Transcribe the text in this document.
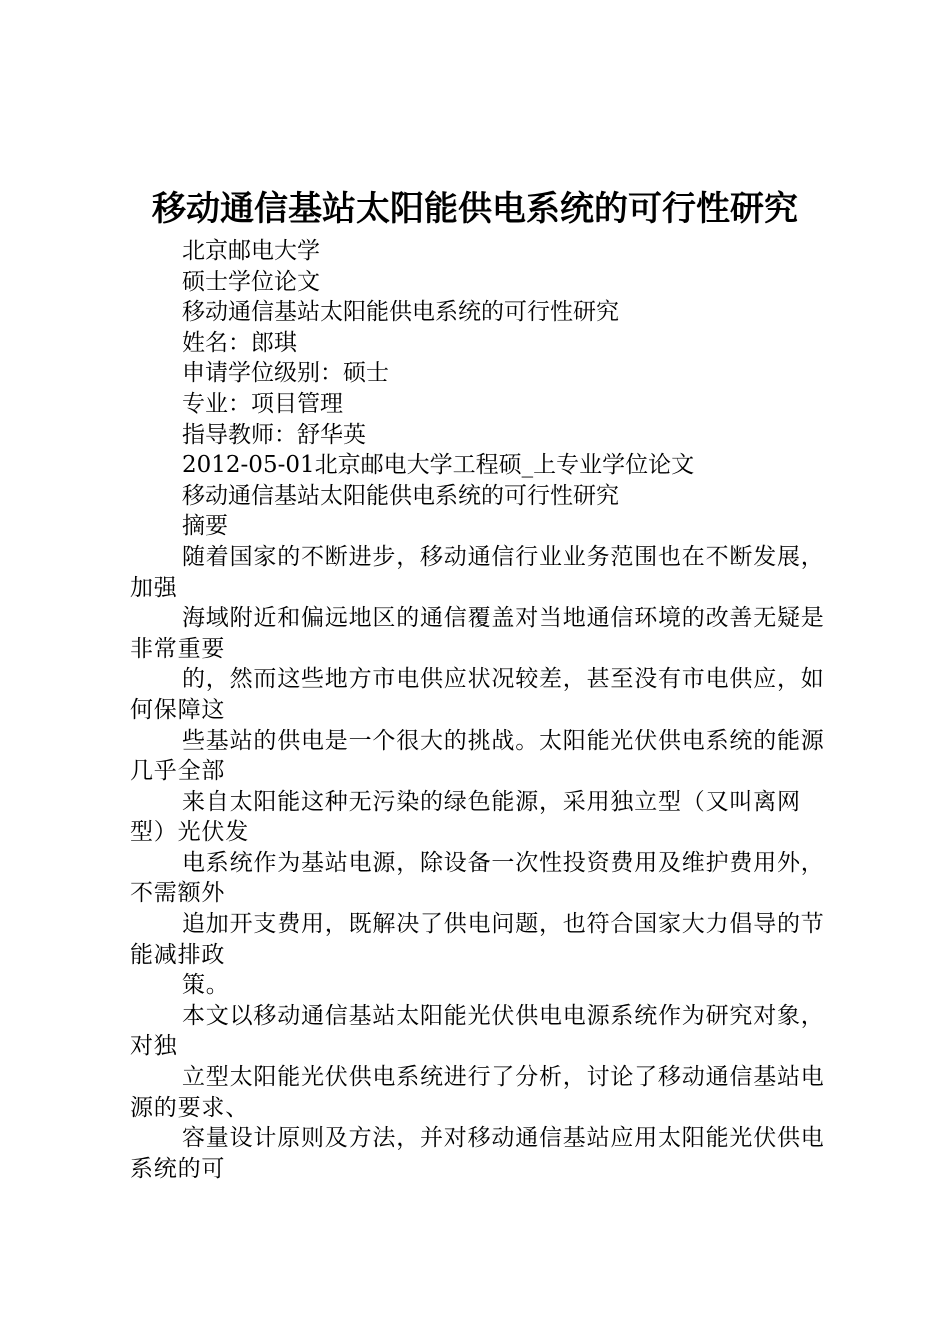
移动通信基站太阳能供电系统的可行性研究
北京邮电大学
硕士学位论文
移动通信基站太阳能供电系统的可行性研究
姓名：郎琪
申请学位级别：硕士
专业：项目管理
指导教师：舒华英
2012-05-01北京邮电大学工程硕_上专业学位论文
移动通信基站太阳能供电系统的可行性研究
摘要
随着国家的不断进步，移动通信行业业务范围也在不断发展，加强
海域附近和偏远地区的通信覆盖对当地通信环境的改善无疑是非常重要
的，然而这些地方市电供应状况较差，甚至没有市电供应，如何保障这
些基站的供电是一个很大的挑战。太阳能光伏供电系统的能源几乎全部
来自太阳能这种无污染的绿色能源，采用独立型（又叫离网型）光伏发
电系统作为基站电源，除设备一次性投资费用及维护费用外，不需额外
追加开支费用，既解决了供电问题，也符合国家大力倡导的节能减排政
策。
本文以移动通信基站太阳能光伏供电电源系统作为研究对象，对独
立型太阳能光伏供电系统进行了分析，讨论了移动通信基站电源的要求、
容量设计原则及方法，并对移动通信基站应用太阳能光伏供电系统的可
